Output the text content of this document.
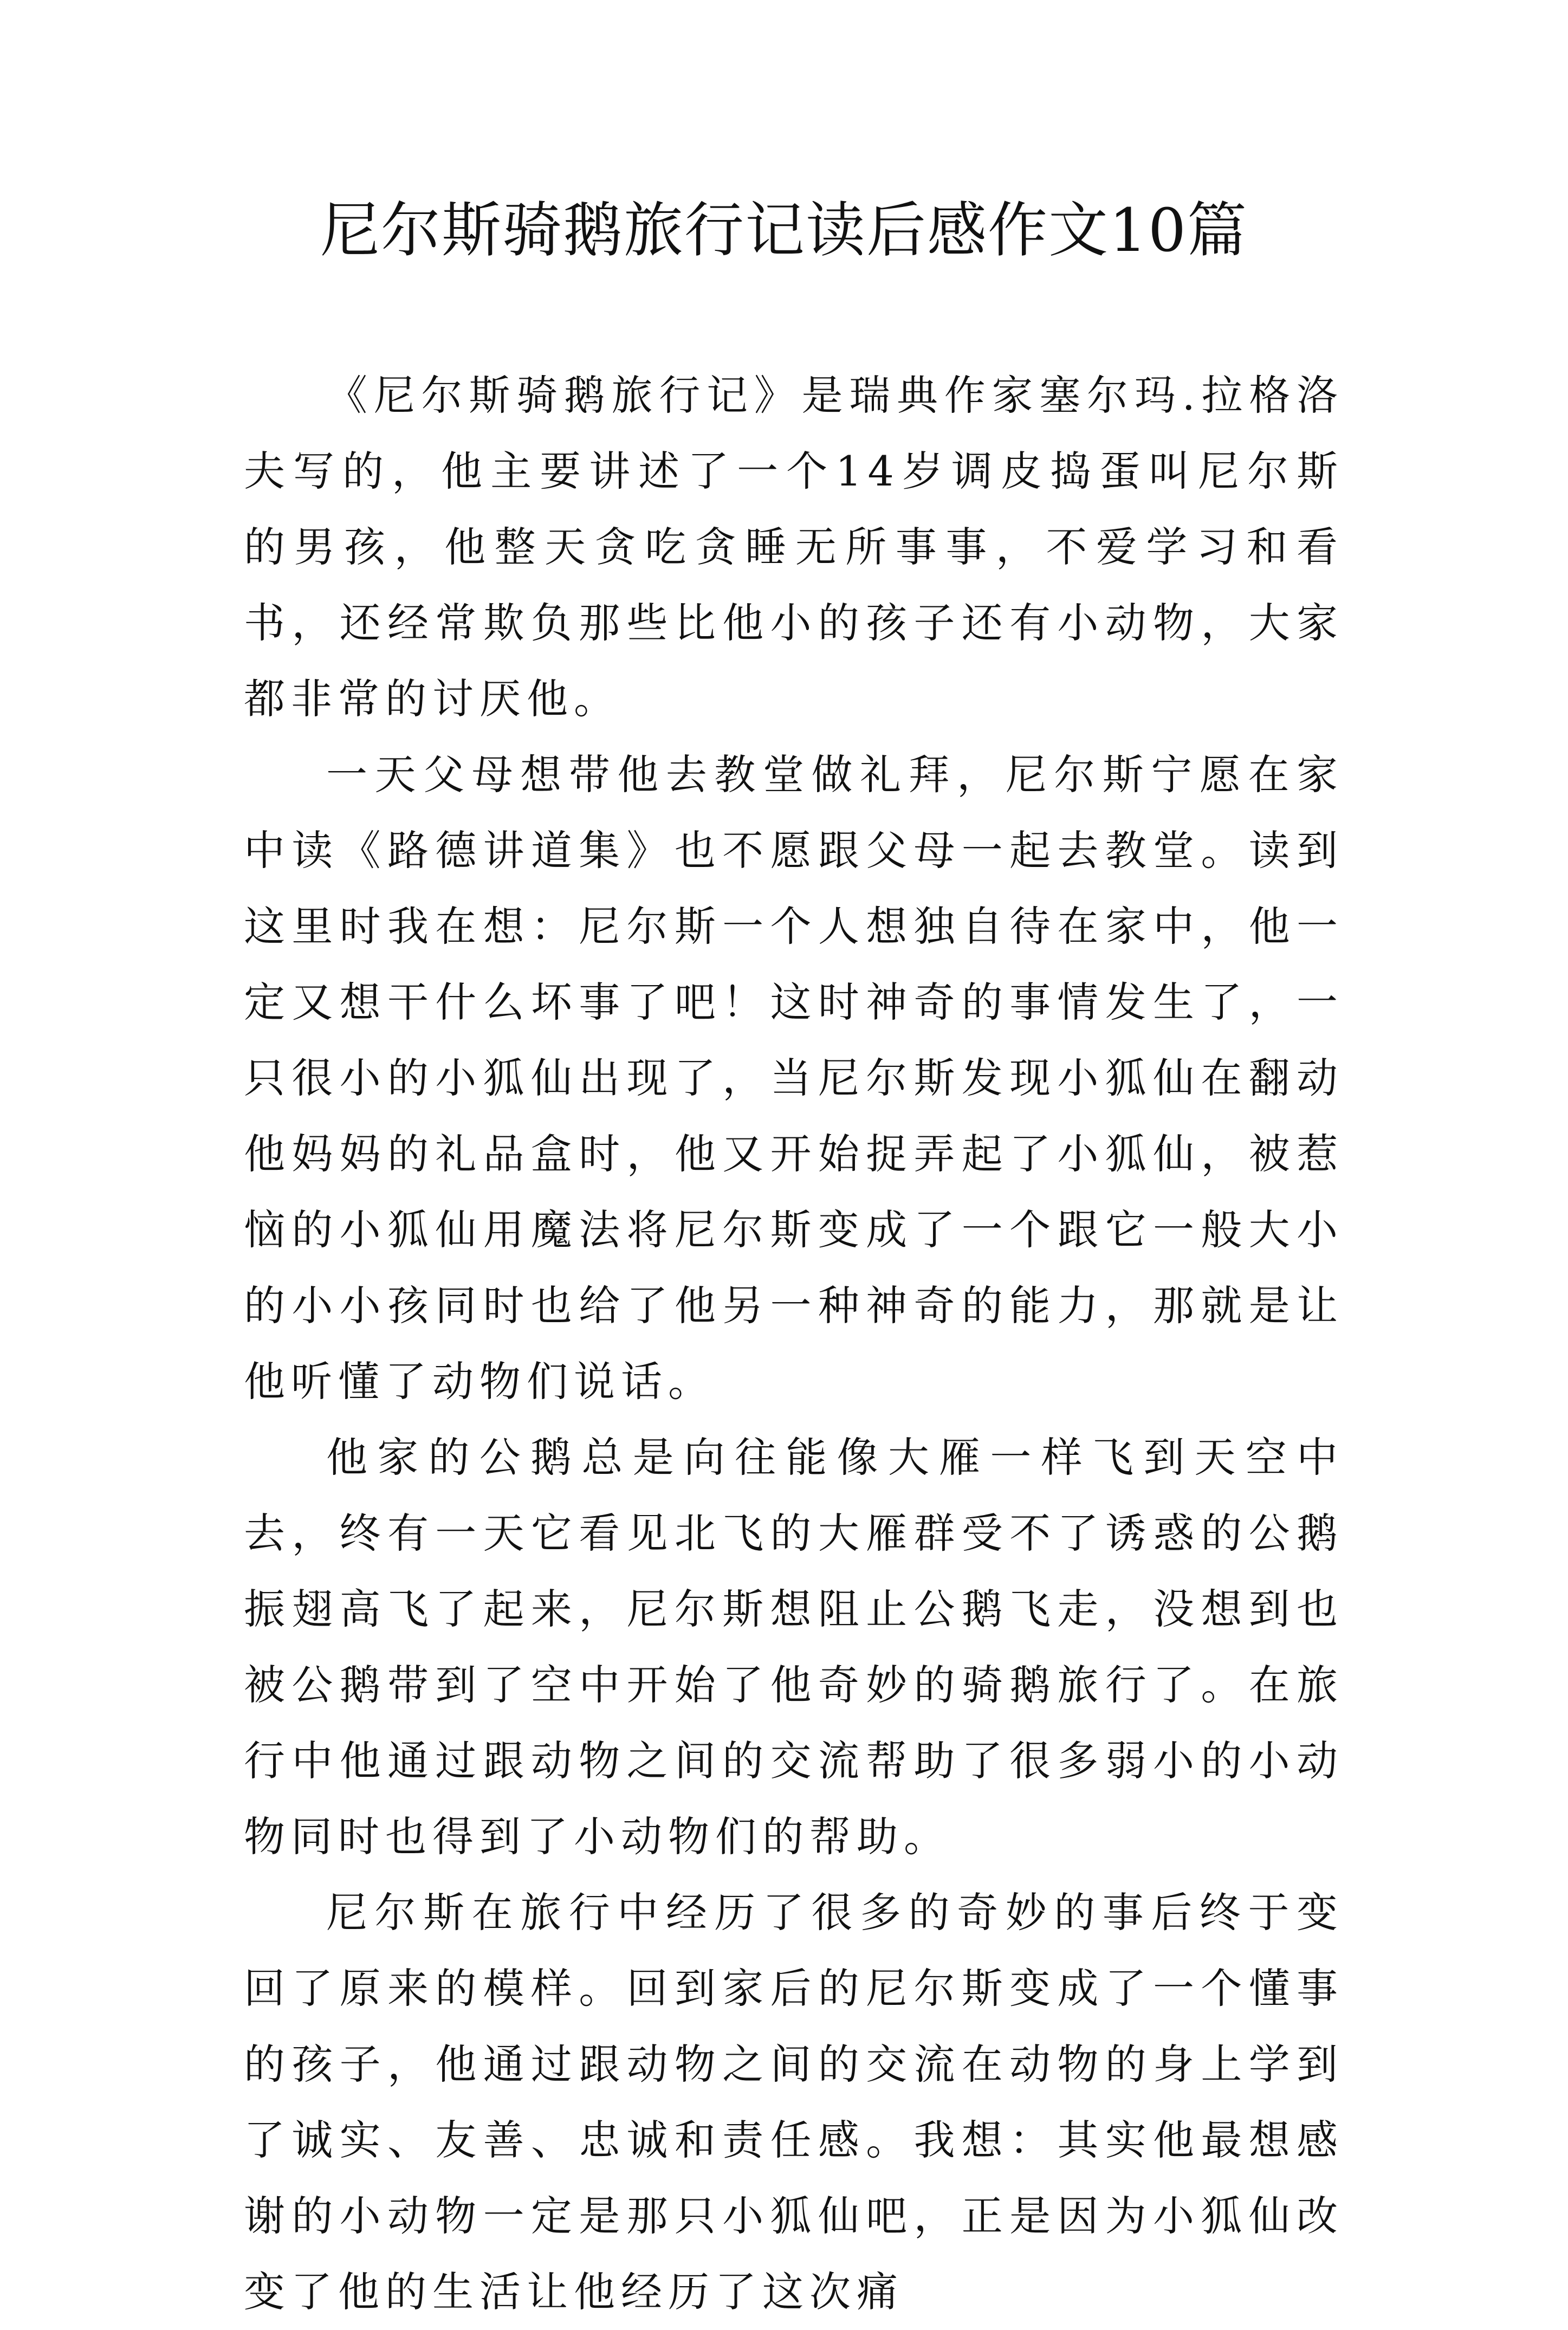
尼尔斯骑鹅旅行记读后感作文10篇

《尼尔斯骑鹅旅行记》是瑞典作家塞尔玛.拉格洛夫写的，他主要讲述了一个14岁调皮捣蛋叫尼尔斯的男孩，他整天贪吃贪睡无所事事，不爱学习和看书，还经常欺负那些比他小的孩子还有小动物，大家都非常的讨厌他。

一天父母想带他去教堂做礼拜，尼尔斯宁愿在家中读《路德讲道集》也不愿跟父母一起去教堂。读到这里时我在想：尼尔斯一个人想独自待在家中，他一定又想干什么坏事了吧！这时神奇的事情发生了，一只很小的小狐仙出现了，当尼尔斯发现小狐仙在翻动他妈妈的礼品盒时，他又开始捉弄起了小狐仙，被惹恼的小狐仙用魔法将尼尔斯变成了一个跟它一般大小的小小孩同时也给了他另一种神奇的能力，那就是让他听懂了动物们说话。

他家的公鹅总是向往能像大雁一样飞到天空中去，终有一天它看见北飞的大雁群受不了诱惑的公鹅振翅高飞了起来，尼尔斯想阻止公鹅飞走，没想到也被公鹅带到了空中开始了他奇妙的骑鹅旅行了。在旅行中他通过跟动物之间的交流帮助了很多弱小的小动物同时也得到了小动物们的帮助。

尼尔斯在旅行中经历了很多的奇妙的事后终于变回了原来的模样。回到家后的尼尔斯变成了一个懂事的孩子，他通过跟动物之间的交流在动物的身上学到了诚实、友善、忠诚和责任感。我想：其实他最想感谢的小动物一定是那只小狐仙吧，正是因为小狐仙改变了他的生活让他经历了这次痛
